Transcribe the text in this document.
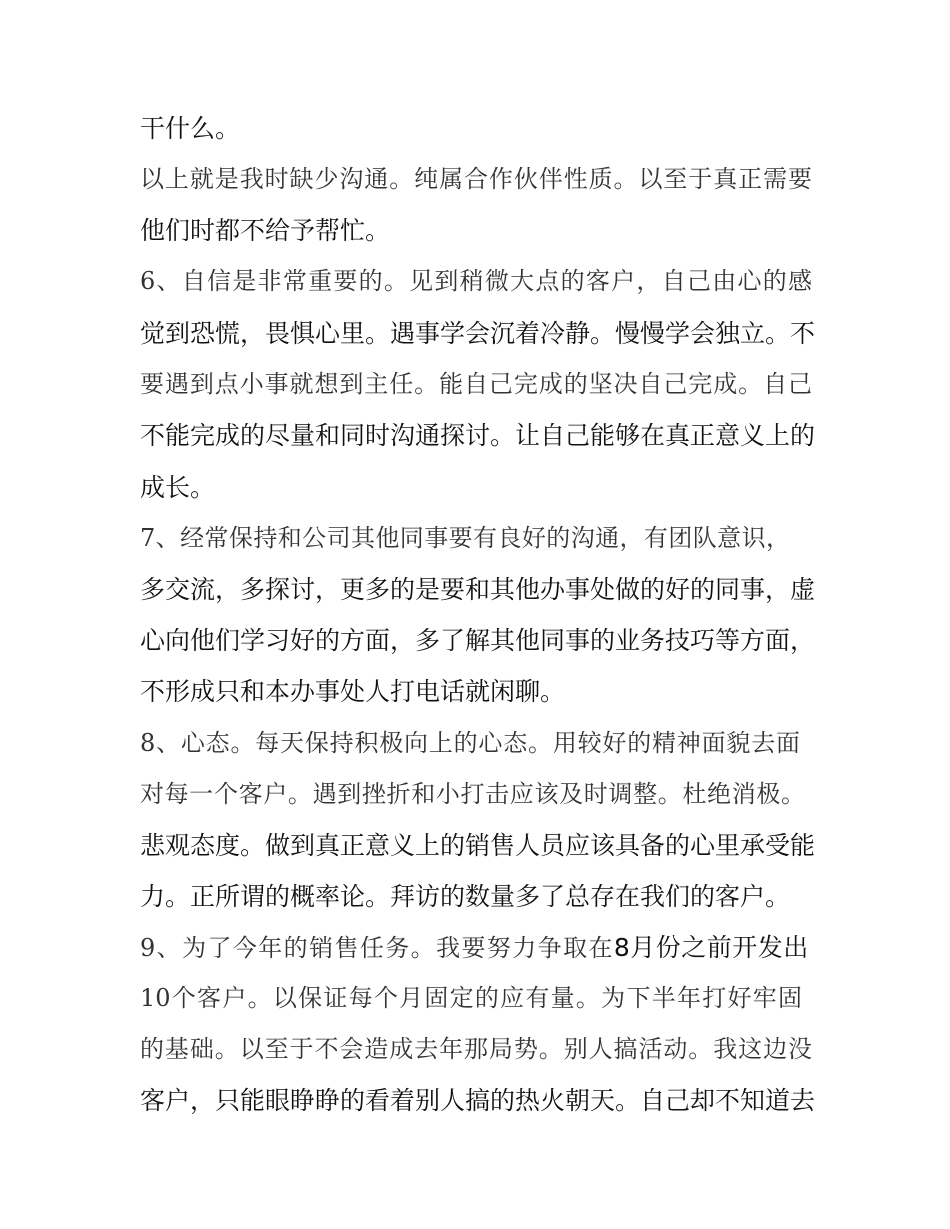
干什么。
以上就是我时缺少沟通。纯属合作伙伴性质。以至于真正需要
他们时都不给予帮忙。
6、自信是非常重要的。见到稍微大点的客户，自己由心的感
觉到恐慌，畏惧心里。遇事学会沉着冷静。慢慢学会独立。不
要遇到点小事就想到主任。能自己完成的坚决自己完成。自己
不能完成的尽量和同时沟通探讨。让自己能够在真正意义上的
成长。
7、经常保持和公司其他同事要有良好的沟通，有团队意识，
多交流，多探讨，更多的是要和其他办事处做的好的同事，虚
心向他们学习好的方面，多了解其他同事的业务技巧等方面，
不形成只和本办事处人打电话就闲聊。
8、心态。每天保持积极向上的心态。用较好的精神面貌去面
对每一个客户。遇到挫折和小打击应该及时调整。杜绝消极。
悲观态度。做到真正意义上的销售人员应该具备的心里承受能
力。正所谓的概率论。拜访的数量多了总存在我们的客户。
9、为了今年的销售任务。我要努力争取在8月份之前开发出
10个客户。以保证每个月固定的应有量。为下半年打好牢固
的基础。以至于不会造成去年那局势。别人搞活动。我这边没
客户，只能眼睁睁的看着别人搞的热火朝天。自己却不知道去
